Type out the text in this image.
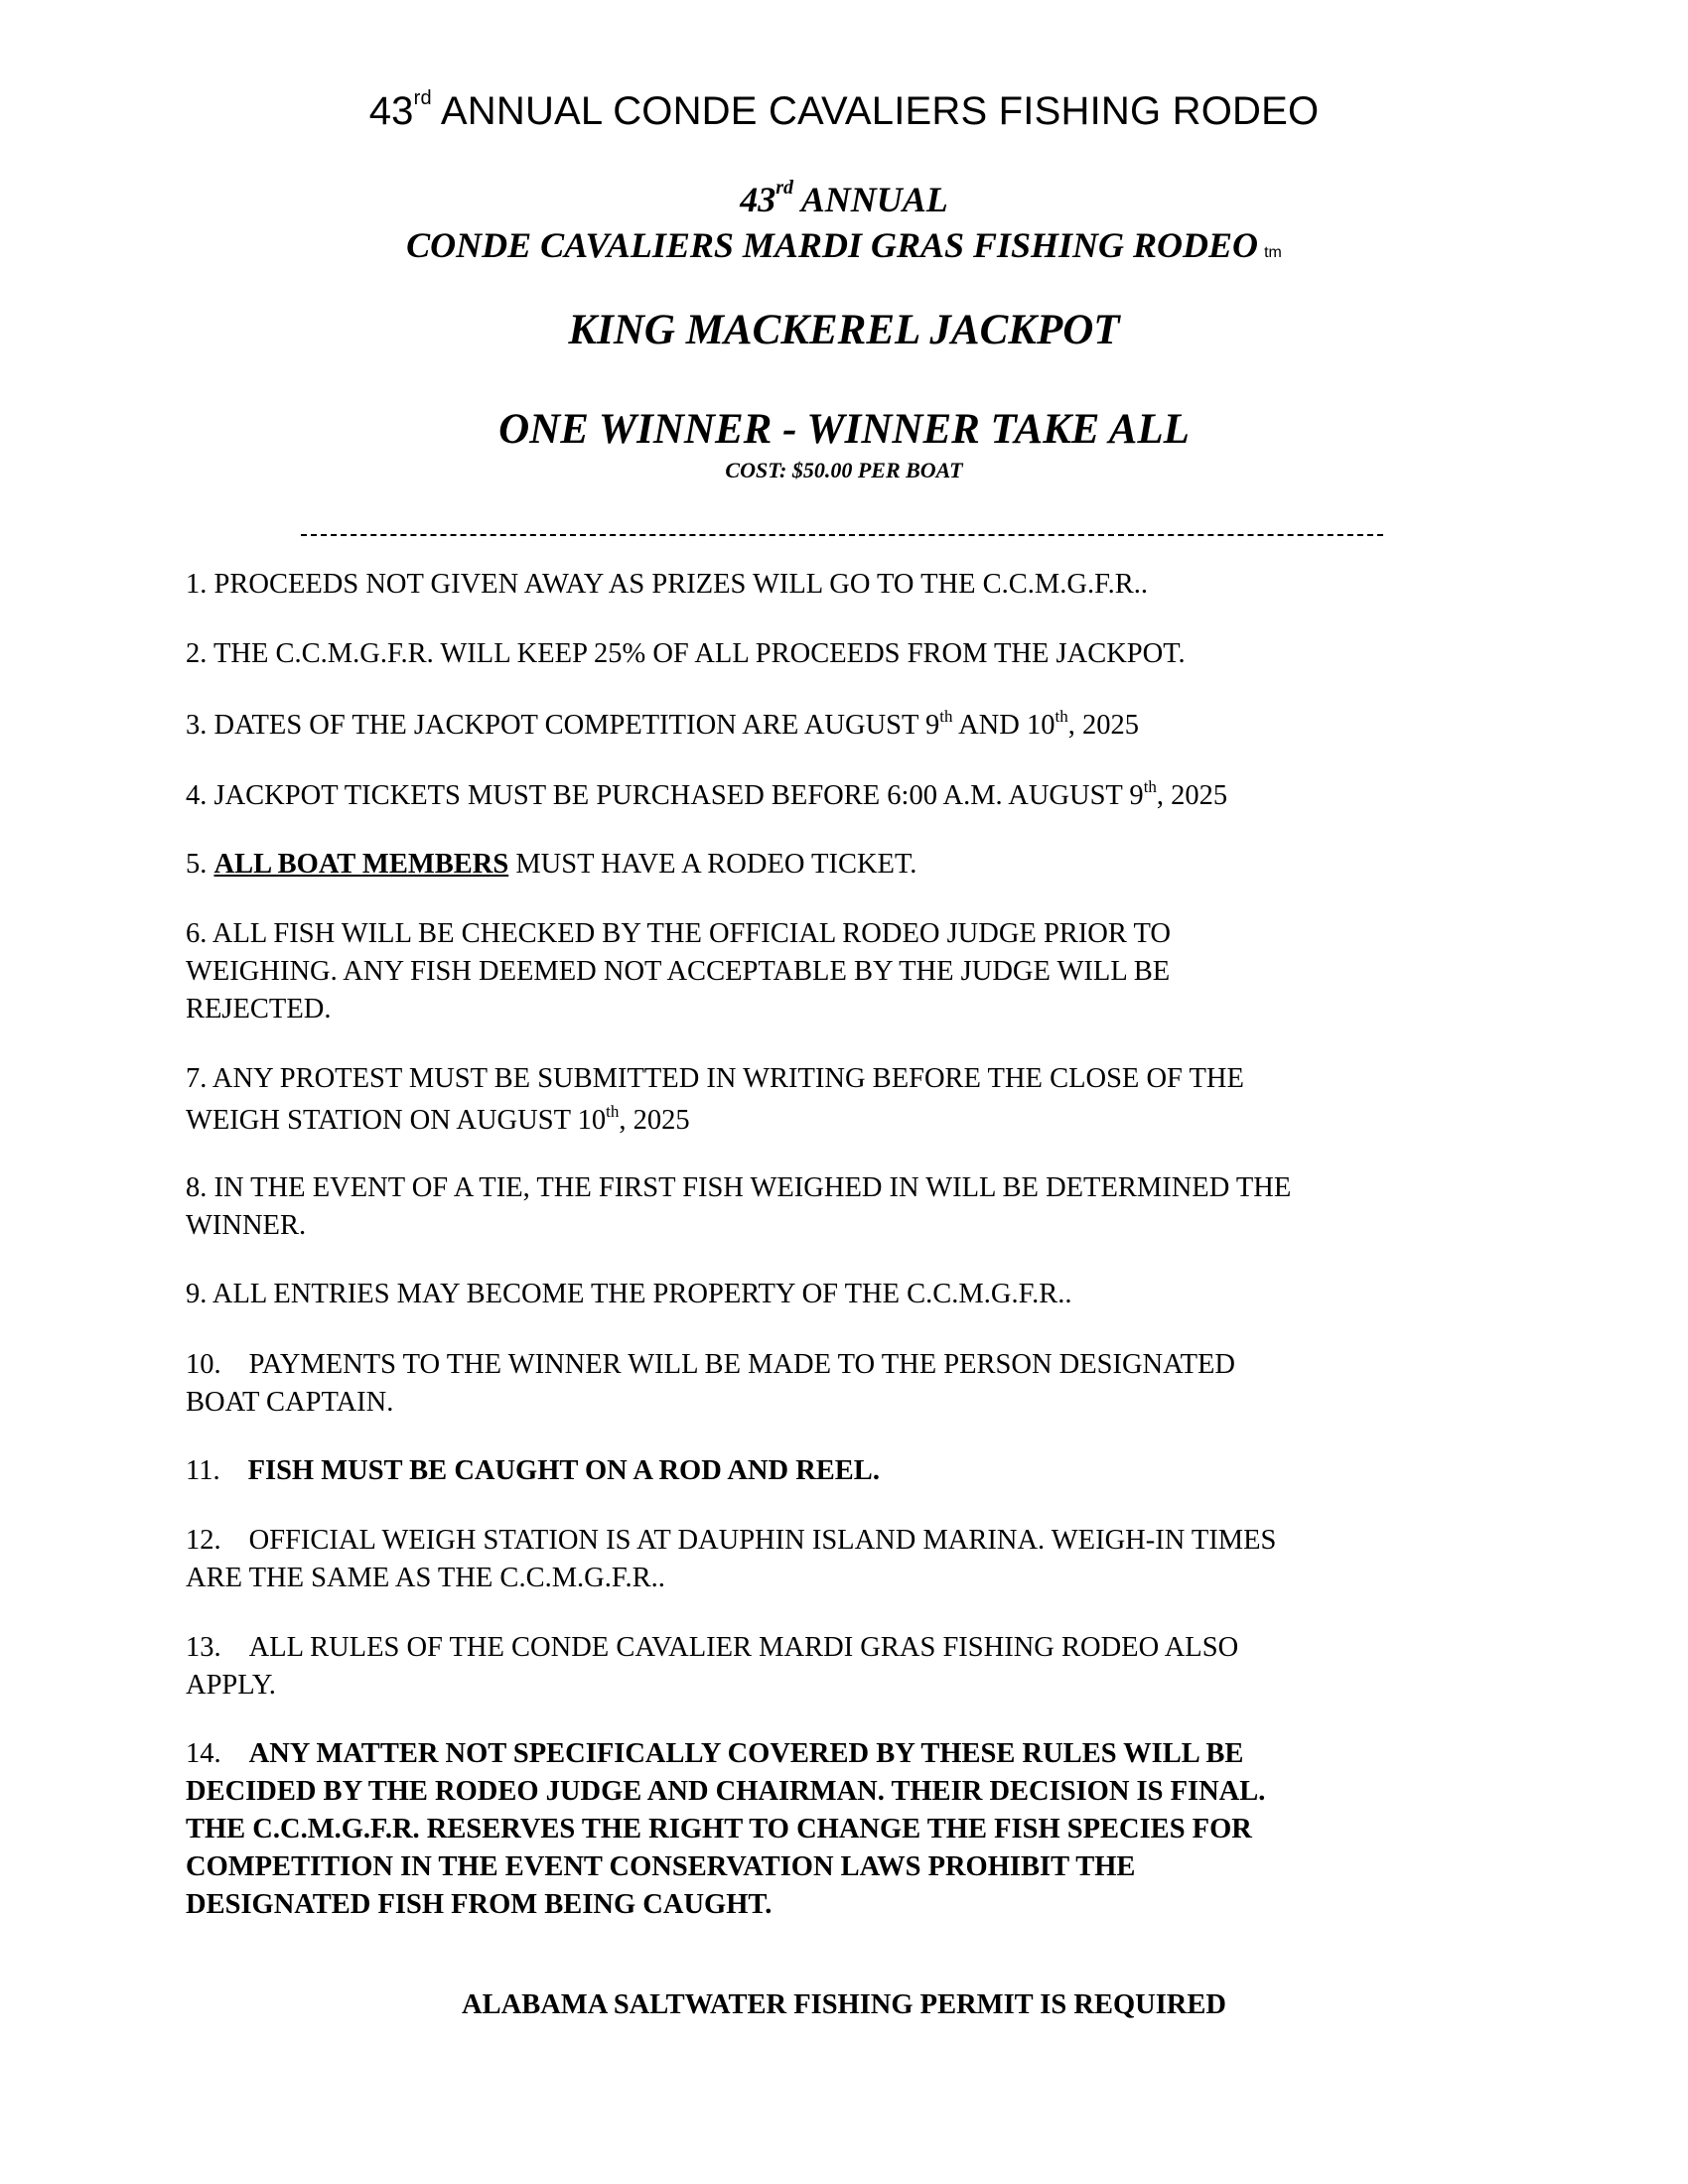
43rd ANNUAL CONDE CAVALIERS FISHING RODEO
43rd ANNUAL
CONDE CAVALIERS MARDI GRAS FISHING RODEO tm
KING MACKEREL JACKPOT
ONE WINNER - WINNER TAKE ALL
COST: $50.00 PER BOAT
1. PROCEEDS NOT GIVEN AWAY AS PRIZES WILL GO TO THE C.C.M.G.F.R..
2. THE C.C.M.G.F.R. WILL KEEP 25% OF ALL PROCEEDS FROM THE JACKPOT.
3. DATES OF THE JACKPOT COMPETITION ARE AUGUST 9th AND 10th, 2025
4. JACKPOT TICKETS MUST BE PURCHASED BEFORE 6:00 A.M. AUGUST 9th, 2025
5. ALL BOAT MEMBERS MUST HAVE A RODEO TICKET.
6. ALL FISH WILL BE CHECKED BY THE OFFICIAL RODEO JUDGE PRIOR TO
WEIGHING. ANY FISH DEEMED NOT ACCEPTABLE BY THE JUDGE WILL BE
REJECTED.
7. ANY PROTEST MUST BE SUBMITTED IN WRITING BEFORE THE CLOSE OF THE
WEIGH STATION ON AUGUST 10th, 2025
8. IN THE EVENT OF A TIE, THE FIRST FISH WEIGHED IN WILL BE DETERMINED THE
WINNER.
9. ALL ENTRIES MAY BECOME THE PROPERTY OF THE C.C.M.G.F.R..
10. PAYMENTS TO THE WINNER WILL BE MADE TO THE PERSON DESIGNATED
BOAT CAPTAIN.
11. FISH MUST BE CAUGHT ON A ROD AND REEL.
12. OFFICIAL WEIGH STATION IS AT DAUPHIN ISLAND MARINA. WEIGH-IN TIMES
ARE THE SAME AS THE C.C.M.G.F.R..
13. ALL RULES OF THE CONDE CAVALIER MARDI GRAS FISHING RODEO ALSO
APPLY.
14. ANY MATTER NOT SPECIFICALLY COVERED BY THESE RULES WILL BE
DECIDED BY THE RODEO JUDGE AND CHAIRMAN. THEIR DECISION IS FINAL.
THE C.C.M.G.F.R. RESERVES THE RIGHT TO CHANGE THE FISH SPECIES FOR
COMPETITION IN THE EVENT CONSERVATION LAWS PROHIBIT THE
DESIGNATED FISH FROM BEING CAUGHT.
ALABAMA SALTWATER FISHING PERMIT IS REQUIRED
